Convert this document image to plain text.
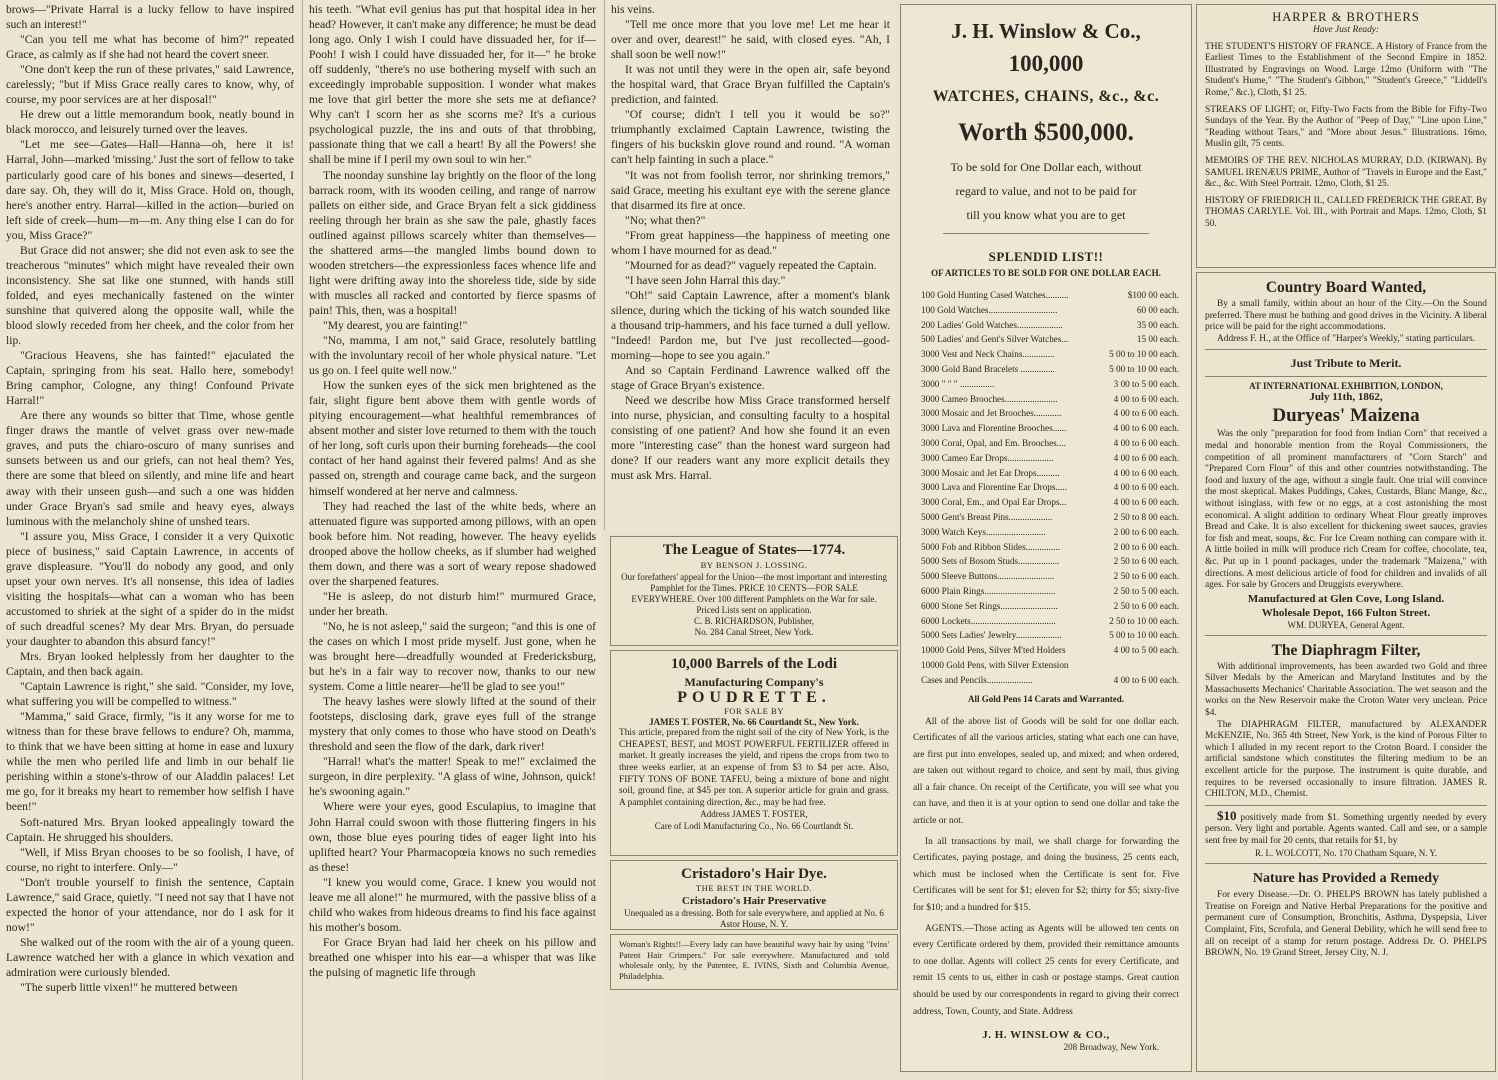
brows—"Private Harral is a lucky fellow to have inspired such an interest!"

"Can you tell me what has become of him?" repeated Grace, as calmly as if she had not heard the covert sneer.

"One don't keep the run of these privates," said Lawrence, carelessly; "but if Miss Grace really cares to know, why, of course, my poor services are at her disposal!"

He drew out a little memorandum book, neatly bound in black morocco, and leisurely turned over the leaves.

"Let me see—Gates—Hall—Hanna—oh, here it is! Harral, John—marked 'missing.' Just the sort of fellow to take particularly good care of his bones and sinews—deserted, I dare say. Oh, they will do it, Miss Grace. Hold on, though, here's another entry. Harral—killed in the action—buried on left side of creek—hum—m—m. Any thing else I can do for you, Miss Grace?"

But Grace did not answer; she did not even ask to see the treacherous "minutes" which might have revealed their own inconsistency. She sat like one stunned, with hands still folded, and eyes mechanically fastened on the winter sunshine that quivered along the opposite wall, while the blood slowly receded from her cheek, and the color from her lip.

"Gracious Heavens, she has fainted!" ejaculated the Captain, springing from his seat. Hallo here, somebody! Bring camphor, Cologne, any thing! Confound Private Harral!"

Are there any wounds so bitter that Time, whose gentle finger draws the mantle of velvet grass over new-made graves, and puts the chiaro-oscuro of many sunrises and sunsets between us and our griefs, can not heal them? Yes, there are some that bleed on silently, and mine life and heart away with their unseen gush—and such a one was hidden under Grace Bryan's sad smile and heavy eyes, always luminous with the melancholy shine of unshed tears.

"I assure you, Miss Grace, I consider it a very Quixotic piece of business," said Captain Lawrence, in accents of grave displeasure. "You'll do nobody any good, and only upset your own nerves. It's all nonsense, this idea of ladies visiting the hospitals—what can a woman who has been accustomed to shriek at the sight of a spider do in the midst of such dreadful scenes? My dear Mrs. Bryan, do persuade your daughter to abandon this absurd fancy!"

Mrs. Bryan looked helplessly from her daughter to the Captain, and then back again.

"Captain Lawrence is right," she said. "Consider, my love, what suffering you will be compelled to witness."

"Mamma," said Grace, firmly, "is it any worse for me to witness than for these brave fellows to endure? Oh, mamma, to think that we have been sitting at home in ease and luxury while the men who periled life and limb in our behalf lie perishing within a stone's-throw of our Aladdin palaces! Let me go, for it breaks my heart to remember how selfish I have been!"

Soft-natured Mrs. Bryan looked appealingly toward the Captain. He shrugged his shoulders.

"Well, if Miss Bryan chooses to be so foolish, I have, of course, no right to interfere. Only—"

"Don't trouble yourself to finish the sentence, Captain Lawrence," said Grace, quietly. "I need not say that I have not expected the honor of your attendance, nor do I ask for it now!"

She walked out of the room with the air of a young queen. Lawrence watched her with a glance in which vexation and admiration were curiously blended.

"The superb little vixen!" he muttered between

his teeth. "What evil genius has put that hospital idea in her head? However, it can't make any difference; he must be dead long ago. Only I wish I could have dissuaded her, for if— Pooh! I wish I could have dissuaded her, for it—" he broke off suddenly, "there's no use bothering myself with such an exceedingly improbable supposition. I wonder what makes me love that girl better the more she sets me at defiance? Why can't I scorn her as she scorns me? It's a curious psychological puzzle, the ins and outs of that throbbing, passionate thing that we call a heart! By all the Powers! she shall be mine if I peril my own soul to win her."

The noonday sunshine lay brightly on the floor of the long barrack room, with its wooden ceiling, and range of narrow pallets on either side, and Grace Bryan felt a sick giddiness reeling through her brain as she saw the pale, ghastly faces outlined against pillows scarcely whiter than themselves—the shattered arms—the mangled limbs bound down to wooden stretchers—the expressionless faces whence life and light were drifting away into the shoreless tide, side by side with muscles all racked and contorted by fierce spasms of pain! This, then, was a hospital!

"My dearest, you are fainting!"

"No, mamma, I am not," said Grace, resolutely battling with the involuntary recoil of her whole physical nature. "Let us go on. I feel quite well now."

How the sunken eyes of the sick men brightened as the fair, slight figure bent above them with gentle words of pitying encouragement—what healthful remembrances of absent mother and sister love returned to them with the touch of her long, soft curls upon their burning foreheads—the cool contact of her hand against their fevered palms! And as she passed on, strength and courage came back, and the surgeon himself wondered at her nerve and calmness.

They had reached the last of the white beds, where an attenuated figure was supported among pillows, with an open book before him. Not reading, however. The heavy eyelids drooped above the hollow cheeks, as if slumber had weighed them down, and there was a sort of weary repose shadowed over the sharpened features.

"He is asleep, do not disturb him!" murmured Grace, under her breath.

"No, he is not asleep," said the surgeon; "and this is one of the cases on which I most pride myself. Just gone, when he was brought here—dreadfully wounded at Fredericksburg, but he's in a fair way to recover now, thanks to our new system. Come a little nearer—he'll be glad to see you!"

The heavy lashes were slowly lifted at the sound of their footsteps, disclosing dark, grave eyes full of the strange mystery that only comes to those who have stood on Death's threshold and seen the flow of the dark, dark river!

"Harral! what's the matter! Speak to me!" exclaimed the surgeon, in dire perplexity. "A glass of wine, Johnson, quick! he's swooning again."

Where were your eyes, good Esculapius, to imagine that John Harral could swoon with those fluttering fingers in his own, those blue eyes pouring tides of eager light into his uplifted heart? Your Pharmacopœia knows no such remedies as these!

"I knew you would come, Grace. I knew you would not leave me all alone!" he murmured, with the passive bliss of a child who wakes from hideous dreams to find his face against his mother's bosom.

For Grace Bryan had laid her cheek on his pillow and breathed one whisper into his ear—a whisper that was like the pulsing of magnetic life through

his veins.

"Tell me once more that you love me! Let me hear it over and over, dearest!" he said, with closed eyes. "Ah, I shall soon be well now!"

It was not until they were in the open air, safe beyond the hospital ward, that Grace Bryan fulfilled the Captain's prediction, and fainted.

"Of course; didn't I tell you it would be so?" triumphantly exclaimed Captain Lawrence, twisting the fingers of his buckskin glove round and round. "A woman can't help fainting in such a place."

"It was not from foolish terror, nor shrinking tremors," said Grace, meeting his exultant eye with the serene glance that disarmed its fire at once.

"No; what then?"

"From great happiness—the happiness of meeting one whom I have mourned for as dead."

"Mourned for as dead?" vaguely repeated the Captain.

"I have seen John Harral this day."

"Oh!" said Captain Lawrence, after a moment's blank silence, during which the ticking of his watch sounded like a thousand trip-hammers, and his face turned a dull yellow. "Indeed! Pardon me, but I've just recollected—good-morning—hope to see you again."

And so Captain Ferdinand Lawrence walked off the stage of Grace Bryan's existence.

Need we describe how Miss Grace transformed herself into nurse, physician, and consulting faculty to a hospital consisting of one patient? And how she found it an even more "interesting case" than the honest ward surgeon had done? If our readers want any more explicit details they must ask Mrs. Harral.

The League of States—1774.

BY BENSON J. LOSSING.

Our forefathers' appeal for the Union—the most important and interesting Pamphlet for the Times. PRICE 10 CENTS—FOR SALE EVERYWHERE. Over 100 different Pamphlets on the War for sale. Priced Lists sent on application.

C. B. RICHARDSON, Publisher,

No. 284 Canal Street, New York.

10,000 Barrels of the Lodi

Manufacturing Company's

POUDRETTE.

FOR SALE BY

JAMES T. FOSTER, No. 66 Courtlandt St., New York.

This article, prepared from the night soil of the city of New York, is the CHEAPEST, BEST, and MOST POWERFUL FERTILIZER offered in market. It greatly increases the yield, and ripens the crops from two to three weeks earlier, at an expense of from $3 to $4 per acre. Also, FIFTY TONS OF BONE TAFEU, being a mixture of bone and night soil, ground fine, at $45 per ton. A superior article for grain and grass. A pamphlet containing direction, &c., may be had free.

Address JAMES T. FOSTER,

Care of Lodi Manufacturing Co., No. 66 Courtlandt St.

Cristadoro's Hair Dye.

THE BEST IN THE WORLD.

Cristadoro's Hair Preservative

Unequaled as a dressing. Both for sale everywhere, and applied at No. 6 Astor House, N. Y.

Woman's Rights!!—Every lady can have beautiful wavy hair by using "Ivins' Patent Hair Crimpers." For sale everywhere. Manufactured and sold wholesale only, by the Patentee, E. IVINS, Sixth and Columbia Avenue, Philadelphia.

J. H. Winslow & Co.,

100,000

WATCHES, CHAINS, &c., &c.

Worth $500,000.

To be sold for One Dollar each, without

regard to value, and not to be paid for

till you know what you are to get

SPLENDID LIST!!

OF ARTICLES TO BE SOLD FOR ONE DOLLAR EACH.

100 Gold Hunting Cased Watches..........	$100 00 each.
100 Gold Watches..............................	60 00 each.
200 Ladies' Gold Watches....................	35 00 each.
500 Ladies' and Gent's Silver Watches...	15 00 each.
3000 Vest and Neck Chains..............	5 00 to 10 00 each.
3000 Gold Band Bracelets ...............	5 00 to 10 00 each.
3000 " " " ...............	3 00 to 5 00 each.
3000 Cameo Brooches.......................	4 00 to 6 00 each.
3000 Mosaic and Jet Brooches............	4 00 to 6 00 each.
3000 Lava and Florentine Brooches......	4 00 to 6 00 each.
3000 Coral, Opal, and Em. Brooches....	4 00 to 6 00 each.
3000 Cameo Ear Drops....................	4 00 to 6 00 each.
3000 Mosaic and Jet Ear Drops..........	4 00 to 6 00 each.
3000 Lava and Florentine Ear Drops.....	4 00 to 6 00 each.
3000 Coral, Em., and Opal Ear Drops...	4 00 to 6 00 each.
5000 Gent's Breast Pins...................	2 50 to 8 00 each.
3000 Watch Keys..........................	2 00 to 6 00 each.
5000 Fob and Ribbon Slides...............	2 00 to 6 00 each.
5000 Sets of Bosom Studs..................	2 50 to 6 00 each.
5000 Sleeve Buttons.........................	2 50 to 6 00 each.
6000 Plain Rings...............................	2 50 to 5 00 each.
6000 Stone Set Rings.........................	2 50 to 6 00 each.
6000 Lockets.....................................	2 50 to 10 00 each.
5000 Sets Ladies' Jewelry....................	5 00 to 10 00 each.
10000 Gold Pens, Silver M'ted Holders	4 00 to 5 00 each.
10000 Gold Pens, with Silver Extension
Cases and Pencils....................	4 00 to 6 00 each.

All Gold Pens 14 Carats and Warranted.

All of the above list of Goods will be sold for one dollar each. Certificates of all the various articles, stating what each one can have, are first put into envelopes, sealed up, and mixed; and when ordered, are taken out without regard to choice, and sent by mail, thus giving all a fair chance. On receipt of the Certificate, you will see what you can have, and then it is at your option to send one dollar and take the article or not.

In all transactions by mail, we shall charge for forwarding the Certificates, paying postage, and doing the business, 25 cents each, which must be inclosed when the Certificate is sent for. Five Certificates will be sent for $1; eleven for $2; thirty for $5; sixty-five for $10; and a hundred for $15.

AGENTS.—Those acting as Agents will be allowed ten cents on every Certificate ordered by them, provided their remittance amounts to one dollar. Agents will collect 25 cents for every Certificate, and remit 15 cents to us, either in cash or postage stamps. Great caution should be used by our correspondents in regard to giving their correct address, Town, County, and State. Address

J. H. WINSLOW & CO.,

208 Broadway, New York.

HARPER & BROTHERS

Have Just Ready:

THE STUDENT'S HISTORY OF FRANCE. A History of France from the Earliest Times to the Establishment of the Second Empire in 1852. Illustrated by Engravings on Wood. Large 12mo (Uniform with "The Student's Hume," "The Student's Gibbon," "Student's Greece," "Liddell's Rome," &c.), Cloth, $1 25.

STREAKS OF LIGHT; or, Fifty-Two Facts from the Bible for Fifty-Two Sundays of the Year. By the Author of "Peep of Day," "Line upon Line," "Reading without Tears," and "More about Jesus." Illustrations. 16mo, Muslin gilt, 75 cents.

MEMOIRS OF THE REV. NICHOLAS MURRAY, D.D. (KIRWAN). By SAMUEL IRENÆUS PRIME, Author of "Travels in Europe and the East," &c., &c. With Steel Portrait. 12mo, Cloth, $1 25.

HISTORY OF FRIEDRICH II., CALLED FREDERICK THE GREAT. By THOMAS CARLYLE. Vol. III., with Portrait and Maps. 12mo, Cloth, $1 50.

Country Board Wanted,

By a small family, within about an hour of the City.—On the Sound preferred. There must be bathing and good drives in the Vicinity. A liberal price will be paid for the right accommodations.

Address F. H., at the Office of "Harper's Weekly," stating particulars.

Just Tribute to Merit.

AT INTERNATIONAL EXHIBITION, LONDON,

July 11th, 1862,

Duryeas' Maizena

Was the only "preparation for food from Indian Corn" that received a medal and honorable mention from the Royal Commissioners, the competition of all prominent manufacturers of "Corn Starch" and "Prepared Corn Flour" of this and other countries notwithstanding. The food and luxury of the age, without a single fault. One trial will convince the most skeptical. Makes Puddings, Cakes, Custards, Blanc Mange, &c., without isinglass, with few or no eggs, at a cost astonishing the most economical. A slight addition to ordinary Wheat Flour greatly improves Bread and Cake. It is also excellent for thickening sweet sauces, gravies for fish and meat, soups, &c. For Ice Cream nothing can compare with it. A little boiled in milk will produce rich Cream for coffee, chocolate, tea, &c. Put up in 1 pound packages, under the trademark "Maizena," with directions. A most delicious article of food for children and invalids of all ages. For sale by Grocers and Druggists everywhere.

Manufactured at Glen Cove, Long Island.

Wholesale Depot, 166 Fulton Street.

WM. DURYEA, General Agent.

The Diaphragm Filter,

With additional improvements, has been awarded two Gold and three Silver Medals by the American and Maryland Institutes and by the Massachusetts Mechanics' Charitable Association. The wet season and the works on the New Reservoir make the Croton Water very unclean. Price $4.

The DIAPHRAGM FILTER, manufactured by ALEXANDER McKENZIE, No. 365 4th Street, New York, is the kind of Porous Filter to which I alluded in my recent report to the Croton Board. I consider the artificial sandstone which constitutes the filtering medium to be an excellent article for the purpose. The instrument is quite durable, and requires to be reversed occasionally to insure filtration. JAMES R. CHILTON, M.D., Chemist.

$10 positively made from $1. Something urgently needed by every person. Very light and portable. Agents wanted. Call and see, or a sample sent free by mail for 20 cents, that retails for $1, by

R. L. WOLCOTT, No. 170 Chatham Square, N. Y.

Nature has Provided a Remedy

For every Disease.—Dr. O. PHELPS BROWN has lately published a Treatise on Foreign and Native Herbal Preparations for the positive and permanent cure of Consumption, Bronchitis, Asthma, Dyspepsia, Liver Complaint, Fits, Scrofula, and General Debility, which he will send free to all on receipt of a stamp for return postage. Address Dr. O. PHELPS BROWN, No. 19 Grand Street, Jersey City, N. J.
